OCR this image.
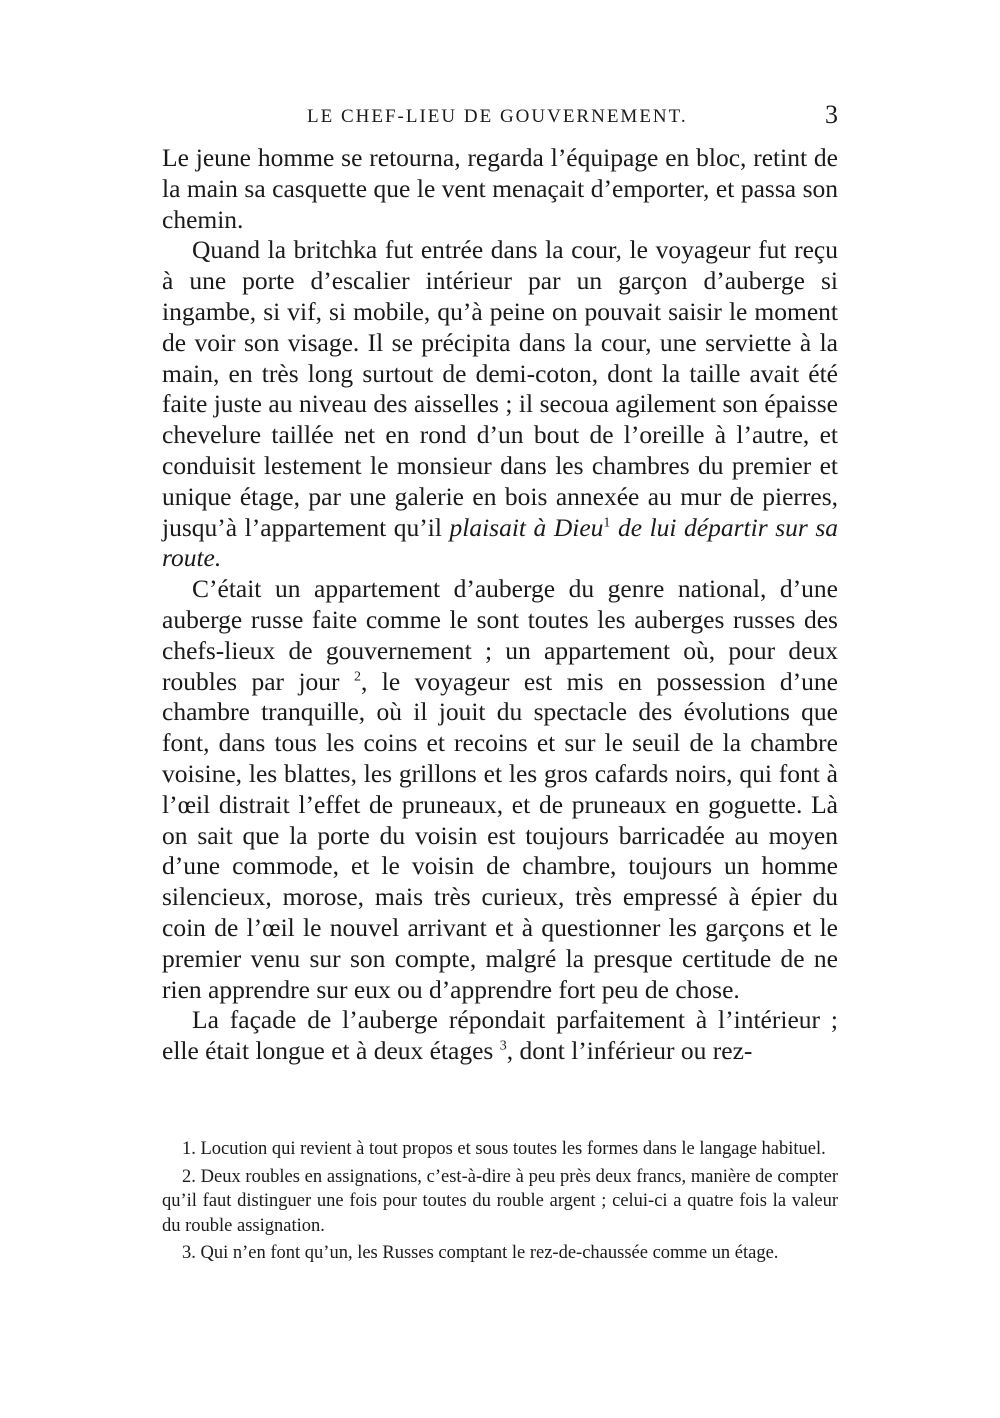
LE CHEF-LIEU DE GOUVERNEMENT.	3

Le jeune homme se retourna, regarda l’équipage en bloc, retint de la main sa casquette que le vent menaçait d’emporter, et passa son chemin.

Quand la britchka fut entrée dans la cour, le voyageur fut reçu à une porte d’escalier intérieur par un garçon d’auberge si ingambe, si vif, si mobile, qu’à peine on pouvait saisir le moment de voir son visage. Il se précipita dans la cour, une serviette à la main, en très long surtout de demi-coton, dont la taille avait été faite juste au niveau des aisselles ; il secoua agilement son épaisse chevelure taillée net en rond d’un bout de l’oreille à l’autre, et conduisit lestement le monsieur dans les chambres du premier et unique étage, par une galerie en bois annexée au mur de pierres, jusqu’à l’appartement qu’il plaisait à Dieu$^1$ de lui départir sur sa route.

C’était un appartement d’auberge du genre national, d’une auberge russe faite comme le sont toutes les auberges russes des chefs-lieux de gouvernement ; un appartement où, pour deux roubles par jour $^2$, le voyageur est mis en possession d’une chambre tranquille, où il jouit du spectacle des évolutions que font, dans tous les coins et recoins et sur le seuil de la chambre voisine, les blattes, les grillons et les gros cafards noirs, qui font à l’œil distrait l’effet de pruneaux, et de pruneaux en goguette. Là on sait que la porte du voisin est toujours barricadée au moyen d’une commode, et le voisin de chambre, toujours un homme silencieux, morose, mais très curieux, très empressé à épier du coin de l’œil le nouvel arrivant et à questionner les garçons et le premier venu sur son compte, malgré la presque certitude de ne rien apprendre sur eux ou d’apprendre fort peu de chose.

La façade de l’auberge répondait parfaitement à l’intérieur ; elle était longue et à deux étages $^3$, dont l’inférieur ou rez-

1. Locution qui revient à tout propos et sous toutes les formes dans le langage habituel.

2. Deux roubles en assignations, c’est-à-dire à peu près deux francs, manière de compter qu’il faut distinguer une fois pour toutes du rouble argent ; celui-ci a quatre fois la valeur du rouble assignation.

3. Qui n’en font qu’un, les Russes comptant le rez-de-chaussée comme un étage.
